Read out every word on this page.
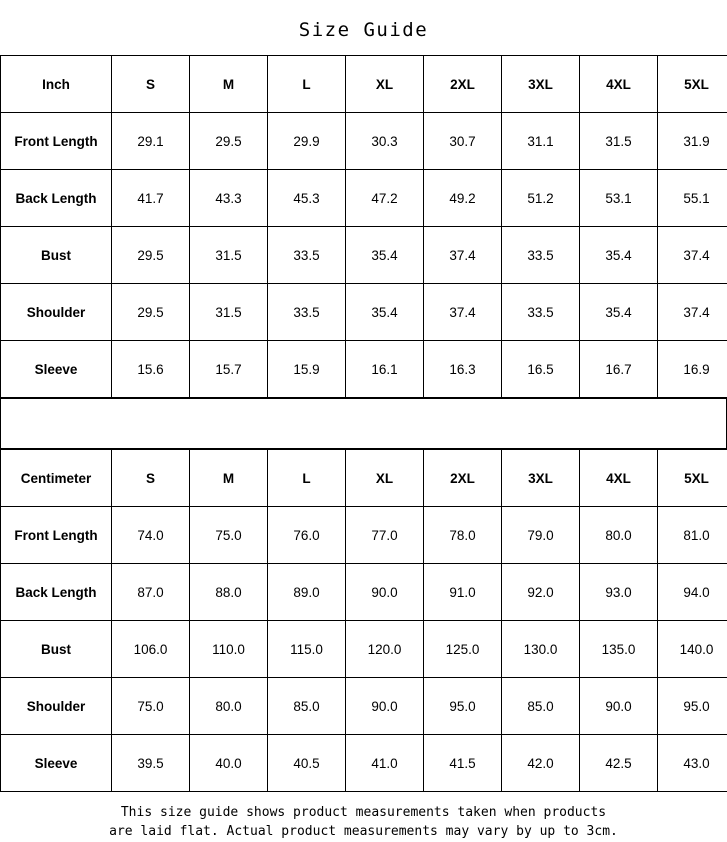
Size Guide
Inch	S	M	L	XL	2XL	3XL	4XL	5XL
Front Length	29.1	29.5	29.9	30.3	30.7	31.1	31.5	31.9
Back Length	41.7	43.3	45.3	47.2	49.2	51.2	53.1	55.1
Bust	29.5	31.5	33.5	35.4	37.4	33.5	35.4	37.4
Shoulder	29.5	31.5	33.5	35.4	37.4	33.5	35.4	37.4
Sleeve	15.6	15.7	15.9	16.1	16.3	16.5	16.7	16.9
Centimeter	S	M	L	XL	2XL	3XL	4XL	5XL
Front Length	74.0	75.0	76.0	77.0	78.0	79.0	80.0	81.0
Back Length	87.0	88.0	89.0	90.0	91.0	92.0	93.0	94.0
Bust	106.0	110.0	115.0	120.0	125.0	130.0	135.0	140.0
Shoulder	75.0	80.0	85.0	90.0	95.0	85.0	90.0	95.0
Sleeve	39.5	40.0	40.5	41.0	41.5	42.0	42.5	43.0
This size guide shows product measurements taken when products
are laid flat. Actual product measurements may vary by up to 3cm.
